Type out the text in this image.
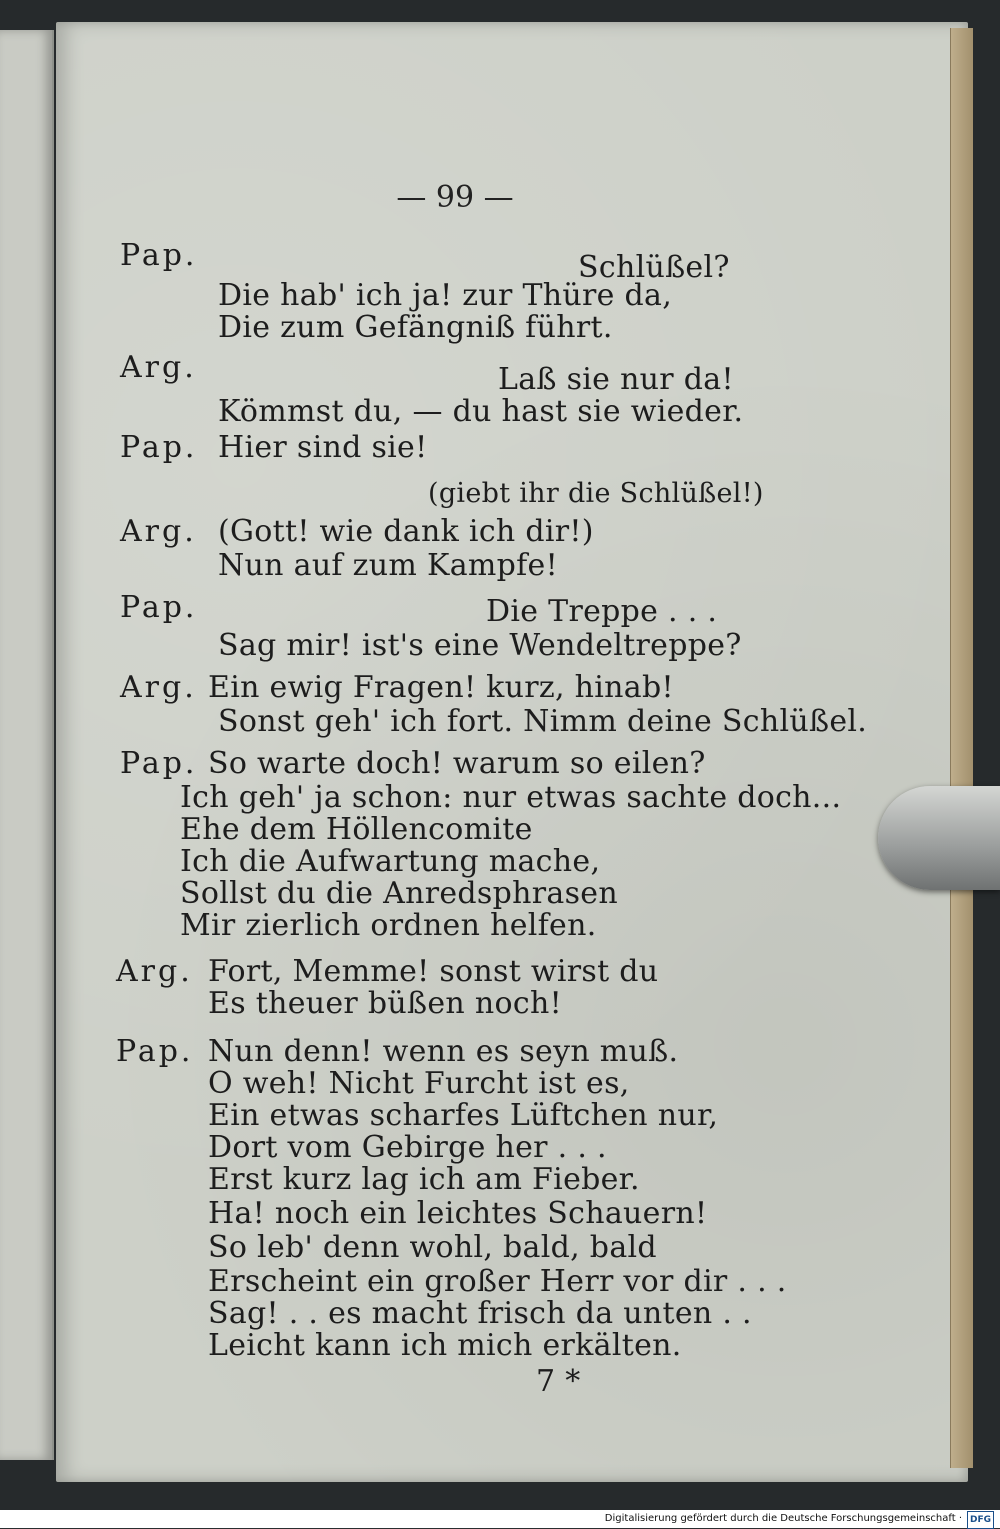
— 99 —
Pap.	Schlüßel?
Die hab' ich ja! zur Thüre da,
Die zum Gefängniß führt.
Arg.	Laß sie nur da!
Kömmst du, — du hast sie wieder.
Pap. Hier sind sie!
(giebt ihr die Schlüßel!)
Arg. (Gott! wie dank ich dir!)
Nun auf zum Kampfe!
Pap.	Die Treppe . . .
Sag mir! ist's eine Wendeltreppe?
Arg. Ein ewig Fragen! kurz, hinab!
Sonst geh' ich fort. Nimm deine Schlüßel.
Pap. So warte doch! warum so eilen?
Ich geh' ja schon: nur etwas sachte doch...
Ehe dem Höllencomite
Ich die Aufwartung mache,
Sollst du die Anredsphrasen
Mir zierlich ordnen helfen.
Arg. Fort, Memme! sonst wirst du
Es theuer büßen noch!
Pap. Nun denn! wenn es seyn muß.
O weh! Nicht Furcht ist es,
Ein etwas scharfes Lüftchen nur,
Dort vom Gebirge her . . .
Erst kurz lag ich am Fieber.
Ha! noch ein leichtes Schauern!
So leb' denn wohl, bald, bald
Erscheint ein großer Herr vor dir . . .
Sag! . . es macht frisch da unten . .
Leicht kann ich mich erkälten.
7 *
Digitalisierung gefördert durch die Deutsche Forschungsgemeinschaft · DFG
